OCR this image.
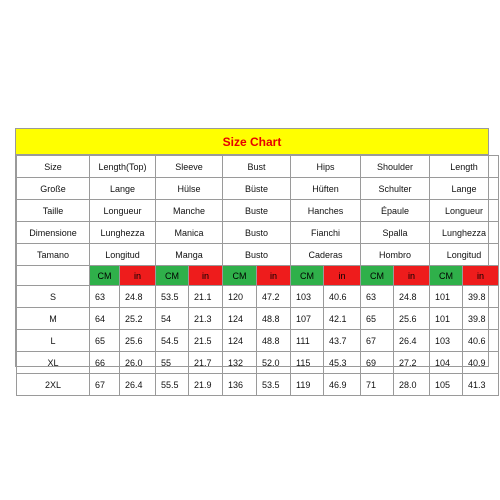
Size Chart
Size	Length(Top)		Sleeve		Bust		Hips		Shoulder		Length	
Große	Lange		Hülse		Büste		Hüften		Schulter		Lange	
Taille	Longueur		Manche		Buste		Hanches		Épaule		Longueur	
Dimensione	Lunghezza		Manica		Busto		Fianchi		Spalla		Lunghezza	
Tamano	Longitud		Manga		Busto		Caderas		Hombro		Longitud	
	CM	in	CM	in	CM	in	CM	in	CM	in	CM	in
S	63	24.8	53.5	21.1	120	47.2	103	40.6	63	24.8	101	39.8
M	64	25.2	54	21.3	124	48.8	107	42.1	65	25.6	101	39.8
L	65	25.6	54.5	21.5	124	48.8	111	43.7	67	26.4	103	40.6
XL	66	26.0	55	21.7	132	52.0	115	45.3	69	27.2	104	40.9
2XL	67	26.4	55.5	21.9	136	53.5	119	46.9	71	28.0	105	41.3
